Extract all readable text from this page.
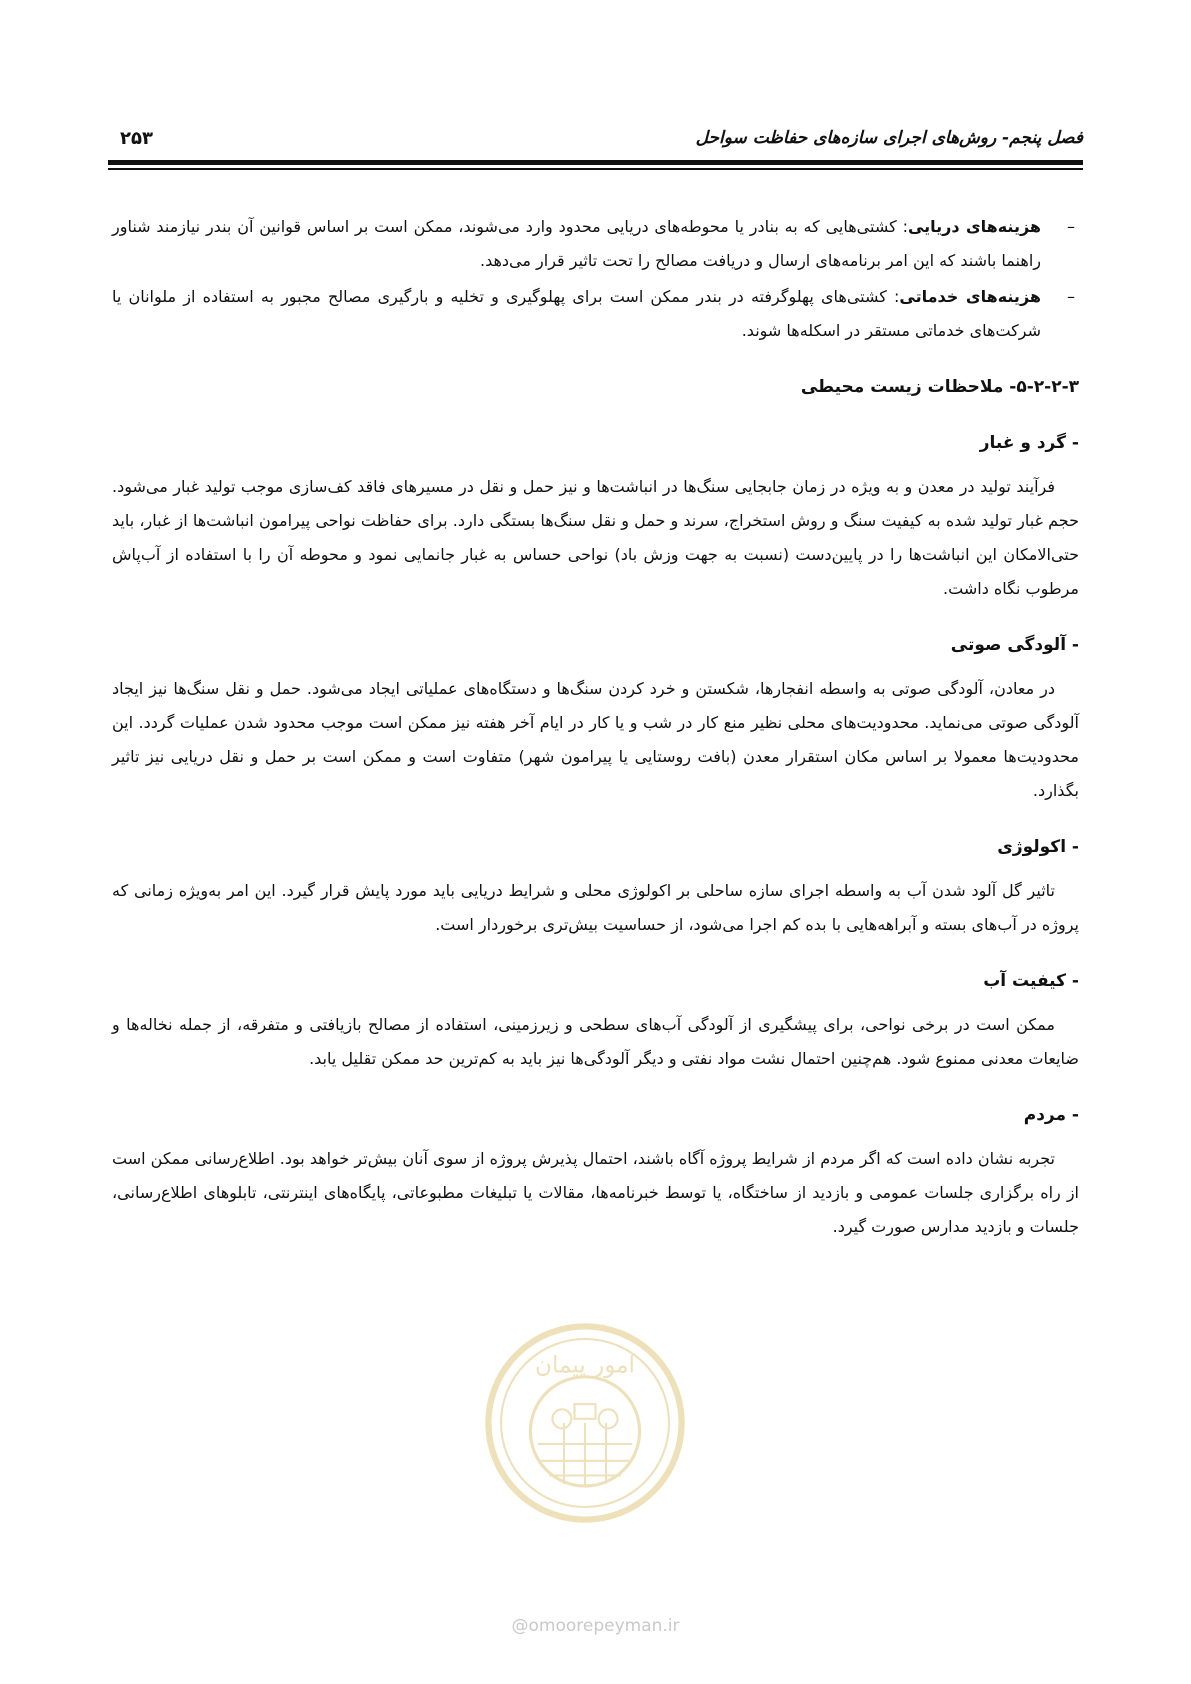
فصل پنجم- روش‌های اجرای سازه‌های حفاظت سواحل
۲۵۳

–
هزینه‌های دریایی: کشتی‌هایی که به بنادر یا محوطه‌های دریایی محدود وارد می‌شوند، ممکن است بر اساس قوانین آن بندر نیازمند شناور راهنما باشند که این امر برنامه‌های ارسال و دریافت مصالح را تحت تاثیر قرار می‌دهد.

–
هزینه‌های خدماتی: کشتی‌های پهلوگرفته در بندر ممکن است برای پهلوگیری و تخلیه و بارگیری مصالح مجبور به استفاده از ملوانان یا شرکت‌های خدماتی مستقر در اسکله‌ها شوند.

۵-۲-۲-۳- ملاحظات زیست محیطی
- گرد و غبار

فرآیند تولید در معدن و به ویژه در زمان جابجایی سنگ‌ها در انباشت‌ها و نیز حمل و نقل در مسیرهای فاقد کف‌سازی موجب تولید غبار می‌شود. حجم غبار تولید شده به کیفیت سنگ و روش استخراج، سرند و حمل و نقل سنگ‌ها بستگی دارد. برای حفاظت نواحی پیرامون انباشت‌ها از غبار، باید حتی‌الامکان این انباشت‌ها را در پایین‌دست (نسبت به جهت وزش باد) نواحی حساس به غبار جانمایی نمود و محوطه آن را با استفاده از آب‌پاش مرطوب نگاه داشت.

- آلودگی صوتی

در معادن، آلودگی صوتی به واسطه انفجارها، شکستن و خرد کردن سنگ‌ها و دستگاه‌های عملیاتی ایجاد می‌شود. حمل و نقل سنگ‌ها نیز ایجاد آلودگی صوتی می‌نماید. محدودیت‌های محلی نظیر منع کار در شب و یا کار در ایام آخر هفته نیز ممکن است موجب محدود شدن عملیات گردد. این محدودیت‌ها معمولا بر اساس مکان استقرار معدن (بافت روستایی یا پیرامون شهر) متفاوت است و ممکن است بر حمل و نقل دریایی نیز تاثیر بگذارد.

- اکولوژی

تاثیر گل آلود شدن آب به واسطه اجرای سازه ساحلی بر اکولوژی محلی و شرایط دریایی باید مورد پایش قرار گیرد. این امر به‌ویژه زمانی که پروژه در آب‌های بسته و آبراهه‌هایی با بده کم اجرا می‌شود، از حساسیت بیش‌تری برخوردار است.

- کیفیت آب

ممکن است در برخی نواحی، برای پیشگیری از آلودگی آب‌های سطحی و زیرزمینی، استفاده از مصالح بازیافتی و متفرقه، از جمله نخاله‌ها و ضایعات معدنی ممنوع شود. هم‌چنین احتمال نشت مواد نفتی و دیگر آلودگی‌ها نیز باید به کم‌ترین حد ممکن تقلیل یابد.

- مردم

تجربه نشان داده است که اگر مردم از شرایط پروژه آگاه باشند، احتمال پذیرش پروژه از سوی آنان بیش‌تر خواهد بود. اطلاع‌رسانی ممکن است از راه برگزاری جلسات عمومی و بازدید از ساختگاه، یا توسط خبرنامه‌ها، مقالات یا تبلیغات مطبوعاتی، پایگاه‌های اینترنتی، تابلوهای اطلاع‌رسانی، جلسات و بازدید مدارس صورت گیرد.

امور پیمان
@omoorepeyman.ir
